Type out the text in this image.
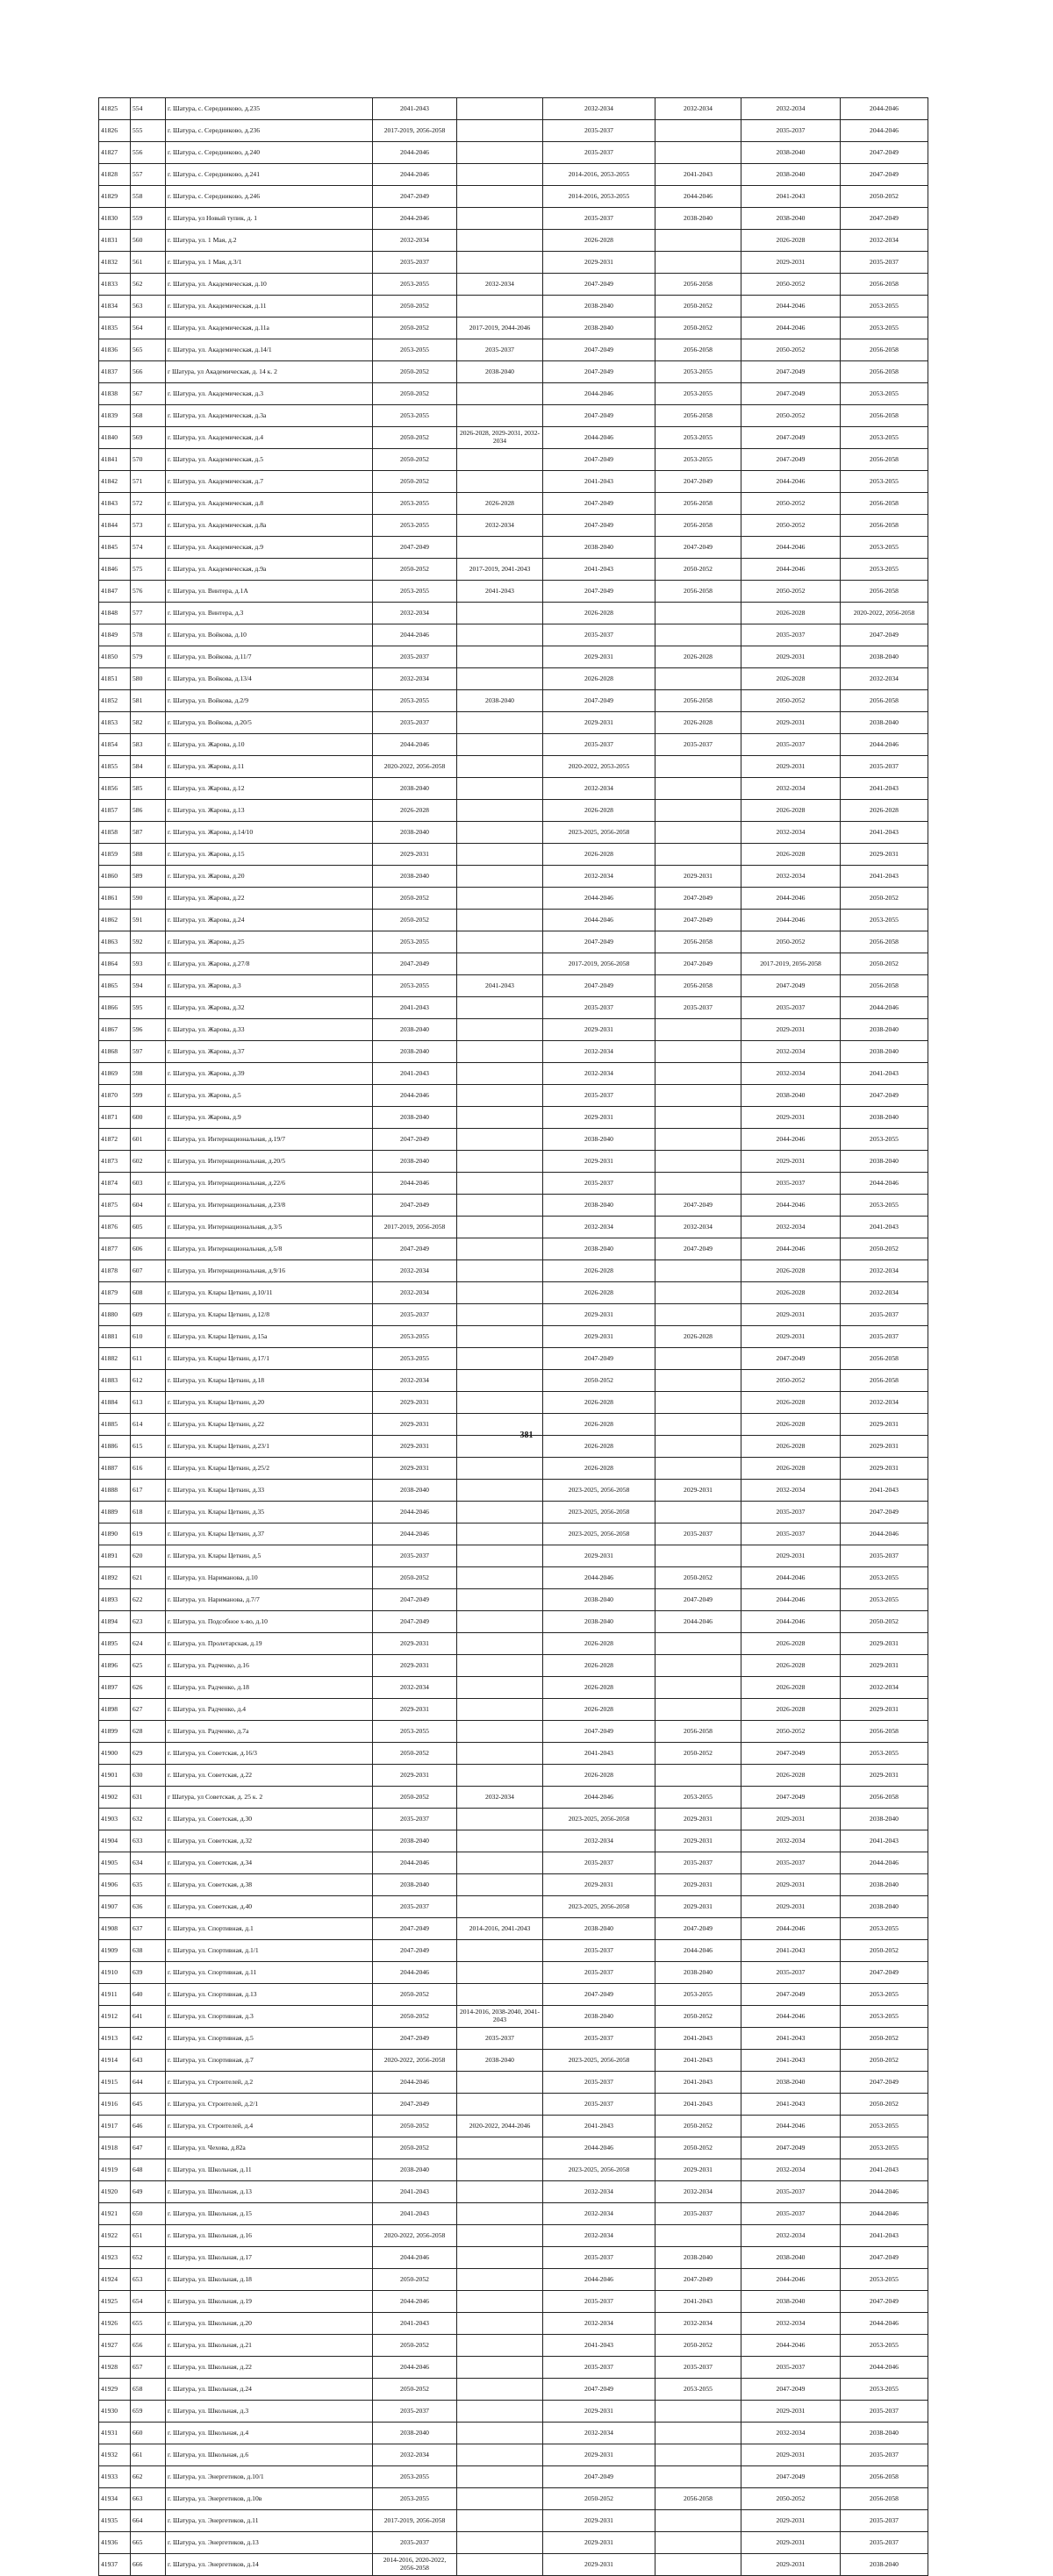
41825	554	г. Шатура, с. Середниково, д.235	2041-2043		2032-2034	2032-2034	2032-2034	2044-2046
41826	555	г. Шатура, с. Середниково, д.236	2017-2019, 2056-2058		2035-2037		2035-2037	2044-2046
41827	556	г. Шатура, с. Середниково, д.240	2044-2046		2035-2037		2038-2040	2047-2049
41828	557	г. Шатура, с. Середниково, д.241	2044-2046		2014-2016, 2053-2055	2041-2043	2038-2040	2047-2049
41829	558	г. Шатура, с. Середниково, д.246	2047-2049		2014-2016, 2053-2055	2044-2046	2041-2043	2050-2052
41830	559	г. Шатура, ул Новый тупик, д. 1	2044-2046		2035-2037	2038-2040	2038-2040	2047-2049
41831	560	г. Шатура, ул. 1 Мая, д.2	2032-2034		2026-2028		2026-2028	2032-2034
41832	561	г. Шатура, ул. 1 Мая, д.3/1	2035-2037		2029-2031		2029-2031	2035-2037
41833	562	г. Шатура, ул. Академическая, д.10	2053-2055	2032-2034	2047-2049	2056-2058	2050-2052	2056-2058
41834	563	г. Шатура, ул. Академическая, д.11	2050-2052		2038-2040	2050-2052	2044-2046	2053-2055
41835	564	г. Шатура, ул. Академическая, д.11а	2050-2052	2017-2019, 2044-2046	2038-2040	2050-2052	2044-2046	2053-2055
41836	565	г. Шатура, ул. Академическая, д.14/1	2053-2055	2035-2037	2047-2049	2056-2058	2050-2052	2056-2058
41837	566	г Шатура, ул Академическая, д. 14 к. 2	2050-2052	2038-2040	2047-2049	2053-2055	2047-2049	2056-2058
41838	567	г. Шатура, ул. Академическая, д.3	2050-2052		2044-2046	2053-2055	2047-2049	2053-2055
41839	568	г. Шатура, ул. Академическая, д.3а	2053-2055		2047-2049	2056-2058	2050-2052	2056-2058
41840	569	г. Шатура, ул. Академическая, д.4	2050-2052	2026-2028, 2029-2031, 2032-2034	2044-2046	2053-2055	2047-2049	2053-2055
41841	570	г. Шатура, ул. Академическая, д.5	2050-2052		2047-2049	2053-2055	2047-2049	2056-2058
41842	571	г. Шатура, ул. Академическая, д.7	2050-2052		2041-2043	2047-2049	2044-2046	2053-2055
41843	572	г. Шатура, ул. Академическая, д.8	2053-2055	2026-2028	2047-2049	2056-2058	2050-2052	2056-2058
41844	573	г. Шатура, ул. Академическая, д.8а	2053-2055	2032-2034	2047-2049	2056-2058	2050-2052	2056-2058
41845	574	г. Шатура, ул. Академическая, д.9	2047-2049		2038-2040	2047-2049	2044-2046	2053-2055
41846	575	г. Шатура, ул. Академическая, д.9а	2050-2052	2017-2019, 2041-2043	2041-2043	2050-2052	2044-2046	2053-2055
41847	576	г. Шатура, ул. Винтера, д.1А	2053-2055	2041-2043	2047-2049	2056-2058	2050-2052	2056-2058
41848	577	г. Шатура, ул. Винтера, д.3	2032-2034		2026-2028		2026-2028	2020-2022, 2056-2058
41849	578	г. Шатура, ул. Войкова, д.10	2044-2046		2035-2037		2035-2037	2047-2049
41850	579	г. Шатура, ул. Войкова, д.11/7	2035-2037		2029-2031	2026-2028	2029-2031	2038-2040
41851	580	г. Шатура, ул. Войкова, д.13/4	2032-2034		2026-2028		2026-2028	2032-2034
41852	581	г. Шатура, ул. Войкова, д.2/9	2053-2055	2038-2040	2047-2049	2056-2058	2050-2052	2056-2058
41853	582	г. Шатура, ул. Войкова, д.20/5	2035-2037		2029-2031	2026-2028	2029-2031	2038-2040
41854	583	г. Шатура, ул. Жарова, д.10	2044-2046		2035-2037	2035-2037	2035-2037	2044-2046
41855	584	г. Шатура, ул. Жарова, д.11	2020-2022, 2056-2058		2020-2022, 2053-2055		2029-2031	2035-2037
41856	585	г. Шатура, ул. Жарова, д.12	2038-2040		2032-2034		2032-2034	2041-2043
41857	586	г. Шатура, ул. Жарова, д.13	2026-2028		2026-2028		2026-2028	2026-2028
41858	587	г. Шатура, ул. Жарова, д.14/10	2038-2040		2023-2025, 2056-2058		2032-2034	2041-2043
41859	588	г. Шатура, ул. Жарова, д.15	2029-2031		2026-2028		2026-2028	2029-2031
41860	589	г. Шатура, ул. Жарова, д.20	2038-2040		2032-2034	2029-2031	2032-2034	2041-2043
41861	590	г. Шатура, ул. Жарова, д.22	2050-2052		2044-2046	2047-2049	2044-2046	2050-2052
41862	591	г. Шатура, ул. Жарова, д.24	2050-2052		2044-2046	2047-2049	2044-2046	2053-2055
41863	592	г. Шатура, ул. Жарова, д.25	2053-2055		2047-2049	2056-2058	2050-2052	2056-2058
41864	593	г. Шатура, ул. Жарова, д.27/8	2047-2049		2017-2019, 2056-2058	2047-2049	2017-2019, 2056-2058	2050-2052
41865	594	г. Шатура, ул. Жарова, д.3	2053-2055	2041-2043	2047-2049	2056-2058	2047-2049	2056-2058
41866	595	г. Шатура, ул. Жарова, д.32	2041-2043		2035-2037	2035-2037	2035-2037	2044-2046
41867	596	г. Шатура, ул. Жарова, д.33	2038-2040		2029-2031		2029-2031	2038-2040
41868	597	г. Шатура, ул. Жарова, д.37	2038-2040		2032-2034		2032-2034	2038-2040
41869	598	г. Шатура, ул. Жарова, д.39	2041-2043		2032-2034		2032-2034	2041-2043
41870	599	г. Шатура, ул. Жарова, д.5	2044-2046		2035-2037		2038-2040	2047-2049
41871	600	г. Шатура, ул. Жарова, д.9	2038-2040		2029-2031		2029-2031	2038-2040
41872	601	г. Шатура, ул. Интернациональная, д.19/7	2047-2049		2038-2040		2044-2046	2053-2055
41873	602	г. Шатура, ул. Интернациональная, д.20/5	2038-2040		2029-2031		2029-2031	2038-2040
41874	603	г. Шатура, ул. Интернациональная, д.22/6	2044-2046		2035-2037		2035-2037	2044-2046
41875	604	г. Шатура, ул. Интернациональная, д.23/8	2047-2049		2038-2040	2047-2049	2044-2046	2053-2055
41876	605	г. Шатура, ул. Интернациональная, д.3/5	2017-2019, 2056-2058		2032-2034	2032-2034	2032-2034	2041-2043
41877	606	г. Шатура, ул. Интернациональная, д.5/8	2047-2049		2038-2040	2047-2049	2044-2046	2050-2052
41878	607	г. Шатура, ул. Интернациональная, д.9/16	2032-2034		2026-2028		2026-2028	2032-2034
41879	608	г. Шатура, ул. Клары Цеткин, д.10/11	2032-2034		2026-2028		2026-2028	2032-2034
41880	609	г. Шатура, ул. Клары Цеткин, д.12/8	2035-2037		2029-2031		2029-2031	2035-2037
41881	610	г. Шатура, ул. Клары Цеткин, д.15а	2053-2055		2029-2031	2026-2028	2029-2031	2035-2037
41882	611	г. Шатура, ул. Клары Цеткин, д.17/1	2053-2055		2047-2049		2047-2049	2056-2058
41883	612	г. Шатура, ул. Клары Цеткин, д.18	2032-2034		2050-2052		2050-2052	2056-2058
41884	613	г. Шатура, ул. Клары Цеткин, д.20	2029-2031		2026-2028		2026-2028	2032-2034
41885	614	г. Шатура, ул. Клары Цеткин, д.22	2029-2031		2026-2028		2026-2028	2029-2031
41886	615	г. Шатура, ул. Клары Цеткин, д.23/1	2029-2031		2026-2028		2026-2028	2029-2031
41887	616	г. Шатура, ул. Клары Цеткин, д.25/2	2029-2031		2026-2028		2026-2028	2029-2031
41888	617	г. Шатура, ул. Клары Цеткин, д.33	2038-2040		2023-2025, 2056-2058	2029-2031	2032-2034	2041-2043
41889	618	г. Шатура, ул. Клары Цеткин, д.35	2044-2046		2023-2025, 2056-2058		2035-2037	2047-2049
41890	619	г. Шатура, ул. Клары Цеткин, д.37	2044-2046		2023-2025, 2056-2058	2035-2037	2035-2037	2044-2046
41891	620	г. Шатура, ул. Клары Цеткин, д.5	2035-2037		2029-2031		2029-2031	2035-2037
41892	621	г. Шатура, ул. Нариманова, д.10	2050-2052		2044-2046	2050-2052	2044-2046	2053-2055
41893	622	г. Шатура, ул. Нариманова, д.7/7	2047-2049		2038-2040	2047-2049	2044-2046	2053-2055
41894	623	г. Шатура, ул. Подсобное х-во, д.10	2047-2049		2038-2040	2044-2046	2044-2046	2050-2052
41895	624	г. Шатура, ул. Пролетарская, д.19	2029-2031		2026-2028		2026-2028	2029-2031
41896	625	г. Шатура, ул. Радченко, д.16	2029-2031		2026-2028		2026-2028	2029-2031
41897	626	г. Шатура, ул. Радченко, д.18	2032-2034		2026-2028		2026-2028	2032-2034
41898	627	г. Шатура, ул. Радченко, д.4	2029-2031		2026-2028		2026-2028	2029-2031
41899	628	г. Шатура, ул. Радченко, д.7а	2053-2055		2047-2049	2056-2058	2050-2052	2056-2058
41900	629	г. Шатура, ул. Советская, д.16/3	2050-2052		2041-2043	2050-2052	2047-2049	2053-2055
41901	630	г. Шатура, ул. Советская, д.22	2029-2031		2026-2028		2026-2028	2029-2031
41902	631	г Шатура, ул Советская, д. 25 к. 2	2050-2052	2032-2034	2044-2046	2053-2055	2047-2049	2056-2058
41903	632	г. Шатура, ул. Советская, д.30	2035-2037		2023-2025, 2056-2058	2029-2031	2029-2031	2038-2040
41904	633	г. Шатура, ул. Советская, д.32	2038-2040		2032-2034	2029-2031	2032-2034	2041-2043
41905	634	г. Шатура, ул. Советская, д.34	2044-2046		2035-2037	2035-2037	2035-2037	2044-2046
41906	635	г. Шатура, ул. Советская, д.38	2038-2040		2029-2031	2029-2031	2029-2031	2038-2040
41907	636	г. Шатура, ул. Советская, д.40	2035-2037		2023-2025, 2056-2058	2029-2031	2029-2031	2038-2040
41908	637	г. Шатура, ул. Спортивная, д.1	2047-2049	2014-2016, 2041-2043	2038-2040	2047-2049	2044-2046	2053-2055
41909	638	г. Шатура, ул. Спортивная, д.1/1	2047-2049		2035-2037	2044-2046	2041-2043	2050-2052
41910	639	г. Шатура, ул. Спортивная, д.11	2044-2046		2035-2037	2038-2040	2035-2037	2047-2049
41911	640	г. Шатура, ул. Спортивная, д.13	2050-2052		2047-2049	2053-2055	2047-2049	2053-2055
41912	641	г. Шатура, ул. Спортивная, д.3	2050-2052	2014-2016, 2038-2040, 2041-2043	2038-2040	2050-2052	2044-2046	2053-2055
41913	642	г. Шатура, ул. Спортивная, д.5	2047-2049	2035-2037	2035-2037	2041-2043	2041-2043	2050-2052
41914	643	г. Шатура, ул. Спортивная, д.7	2020-2022, 2056-2058	2038-2040	2023-2025, 2056-2058	2041-2043	2041-2043	2050-2052
41915	644	г. Шатура, ул. Строителей, д.2	2044-2046		2035-2037	2041-2043	2038-2040	2047-2049
41916	645	г. Шатура, ул. Строителей, д.2/1	2047-2049		2035-2037	2041-2043	2041-2043	2050-2052
41917	646	г. Шатура, ул. Строителей, д.4	2050-2052	2020-2022, 2044-2046	2041-2043	2050-2052	2044-2046	2053-2055
41918	647	г. Шатура, ул. Чехова, д.82а	2050-2052		2044-2046	2050-2052	2047-2049	2053-2055
41919	648	г. Шатура, ул. Школьная, д.11	2038-2040		2023-2025, 2056-2058	2029-2031	2032-2034	2041-2043
41920	649	г. Шатура, ул. Школьная, д.13	2041-2043		2032-2034	2032-2034	2035-2037	2044-2046
41921	650	г. Шатура, ул. Школьная, д.15	2041-2043		2032-2034	2035-2037	2035-2037	2044-2046
41922	651	г. Шатура, ул. Школьная, д.16	2020-2022, 2056-2058		2032-2034		2032-2034	2041-2043
41923	652	г. Шатура, ул. Школьная, д.17	2044-2046		2035-2037	2038-2040	2038-2040	2047-2049
41924	653	г. Шатура, ул. Школьная, д.18	2050-2052		2044-2046	2047-2049	2044-2046	2053-2055
41925	654	г. Шатура, ул. Школьная, д.19	2044-2046		2035-2037	2041-2043	2038-2040	2047-2049
41926	655	г. Шатура, ул. Школьная, д.20	2041-2043		2032-2034	2032-2034	2032-2034	2044-2046
41927	656	г. Шатура, ул. Школьная, д.21	2050-2052		2041-2043	2050-2052	2044-2046	2053-2055
41928	657	г. Шатура, ул. Школьная, д.22	2044-2046		2035-2037	2035-2037	2035-2037	2044-2046
41929	658	г. Шатура, ул. Школьная, д.24	2050-2052		2047-2049	2053-2055	2047-2049	2053-2055
41930	659	г. Шатура, ул. Школьная, д.3	2035-2037		2029-2031		2029-2031	2035-2037
41931	660	г. Шатура, ул. Школьная, д.4	2038-2040		2032-2034		2032-2034	2038-2040
41932	661	г. Шатура, ул. Школьная, д.6	2032-2034		2029-2031		2029-2031	2035-2037
41933	662	г. Шатура, ул. Энергетиков, д.10/1	2053-2055		2047-2049		2047-2049	2056-2058
41934	663	г. Шатура, ул. Энергетиков, д.10в	2053-2055		2050-2052	2056-2058	2050-2052	2056-2058
41935	664	г. Шатура, ул. Энергетиков, д.11	2017-2019, 2056-2058		2029-2031		2029-2031	2035-2037
41936	665	г. Шатура, ул. Энергетиков, д.13	2035-2037		2029-2031		2029-2031	2035-2037
41937	666	г. Шатура, ул. Энергетиков, д.14	2014-2016, 2020-2022, 2056-2058		2029-2031		2029-2031	2038-2040
381
